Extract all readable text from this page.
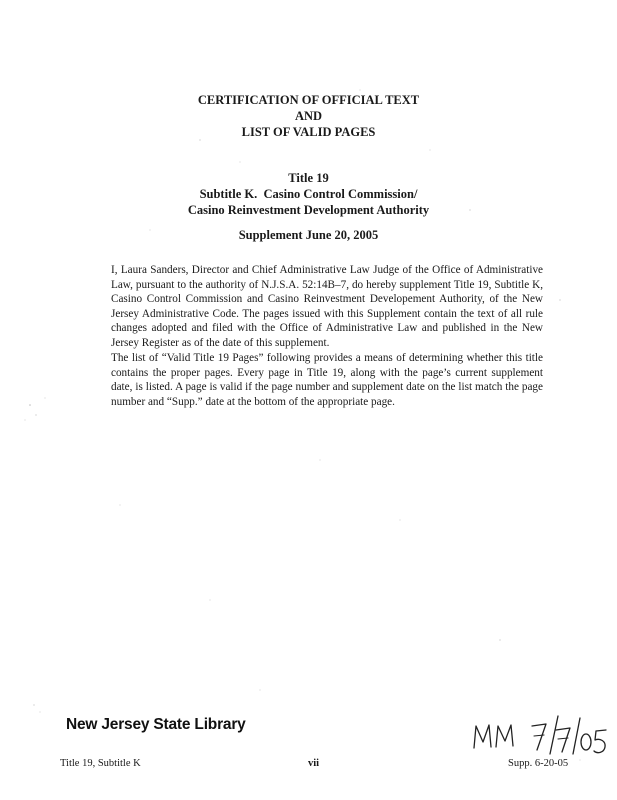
CERTIFICATION OF OFFICIAL TEXT
AND
LIST OF VALID PAGES
Title 19
Subtitle K.  Casino Control Commission/
Casino Reinvestment Development Authority
Supplement June 20, 2005

I, Laura Sanders, Director and Chief Administrative Law Judge of the Office of Administrative Law, pursuant to the authority of N.J.S.A. 52:14B–7, do hereby supplement Title 19, Subtitle K, Casino Control Commission and Casino Reinvestment Developement Authority, of the New Jersey Administrative Code. The pages issued with this Supplement contain the text of all rule changes adopted and filed with the Office of Administrative Law and published in the New Jersey Register as of the date of this supplement.

The list of “Valid Title 19 Pages” following provides a means of determining whether this title contains the proper pages. Every page in Title 19, along with the page’s current supplement date, is listed. A page is valid if the page number and supplement date on the list match the page number and “Supp.” date at the bottom of the appropriate page.

New Jersey State Library
Title 19, Subtitle K	vii	Supp. 6-20-05
